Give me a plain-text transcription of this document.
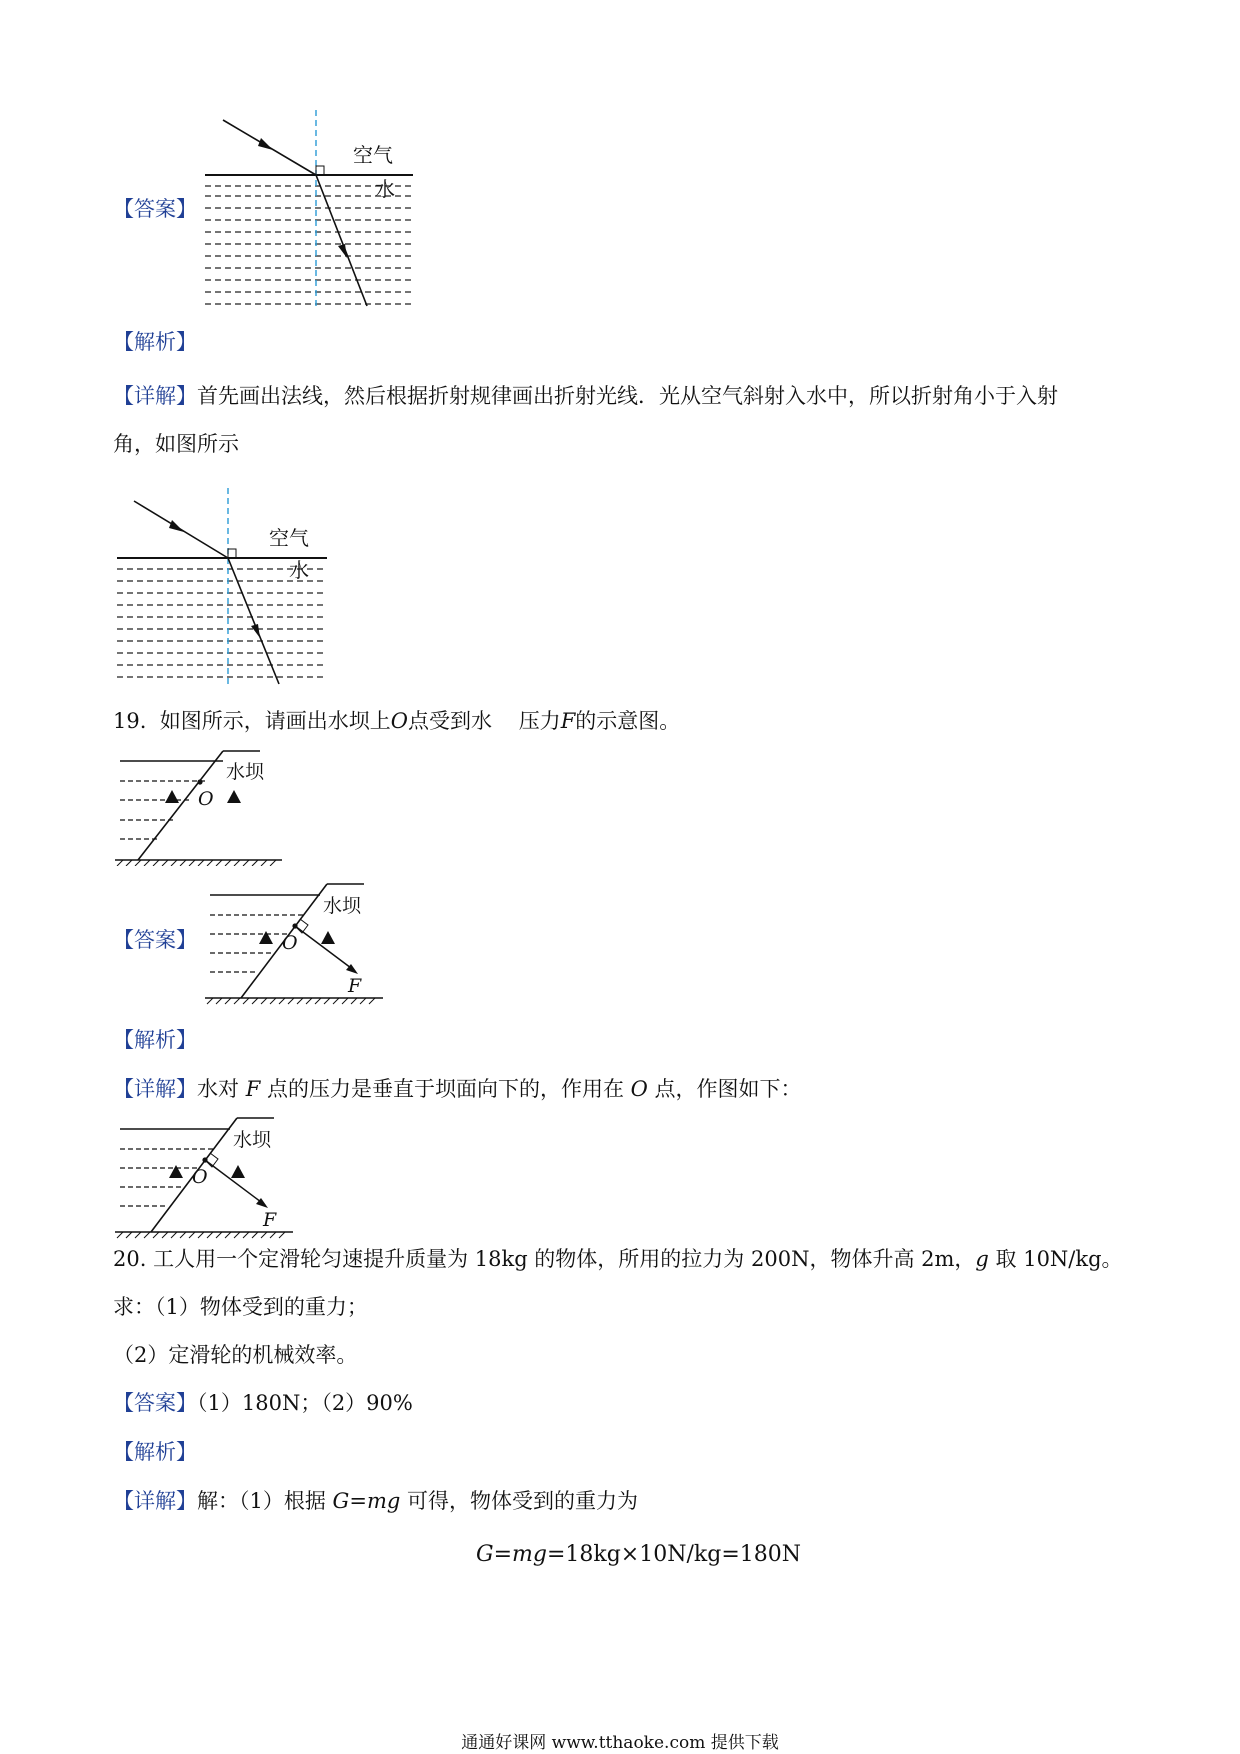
【答案】
空气
水
【解析】
【详解】首先画出法线，然后根据折射规律画出折射光线．光从空气斜射入水中，所以折射角小于入射
角，如图所示
空气
水
19. 如图所示，请画出水坝上O点受到水 压力F的示意图。
水坝
O
【答案】
水坝
O
F
【解析】
【详解】水对 F 点的压力是垂直于坝面向下的，作用在 O 点，作图如下：
水坝
O
F
20. 工人用一个定滑轮匀速提升质量为 18kg 的物体，所用的拉力为 200N，物体升高 2m，g 取 10N/kg。
求：（1）物体受到的重力；
（2）定滑轮的机械效率。
【答案】（1）180N；（2）90%
【解析】
【详解】解：（1）根据 G=mg 可得，物体受到的重力为
G=mg=18kg×10N/kg=180N
通通好课网 www.tthaoke.com 提供下载
